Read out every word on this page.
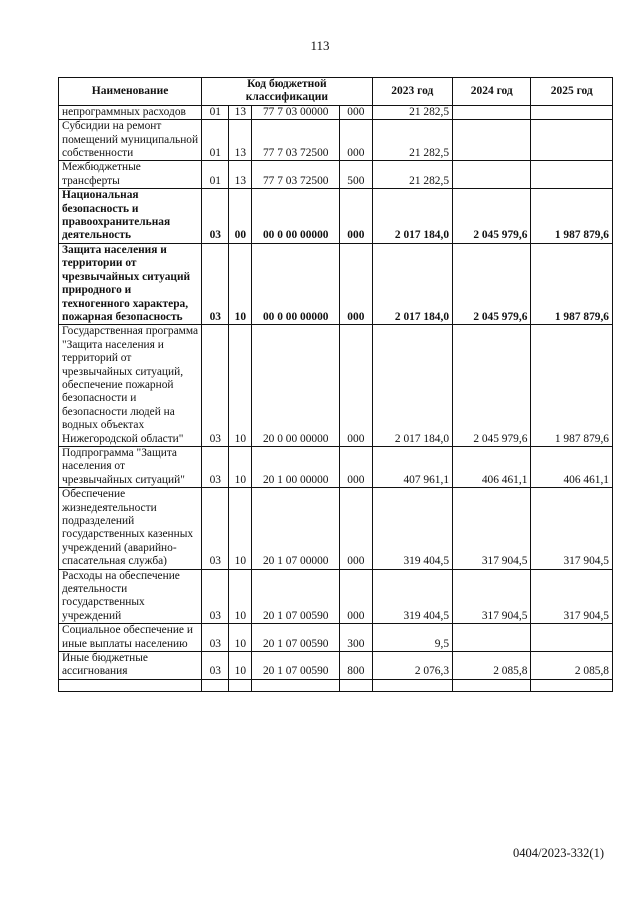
113
Наименование	Код бюджетной классификации				2023 год	2024 год	2025 год
непрограммных расходов	01	13	77 7 03 00000	000	21 282,5		
Субсидии на ремонт помещений муниципальной собственности	01	13	77 7 03 72500	000	21 282,5		
Межбюджетные трансферты	01	13	77 7 03 72500	500	21 282,5		
Национальная безопасность и правоохранительная деятельность	03	00	00 0 00 00000	000	2 017 184,0	2 045 979,6	1 987 879,6
Защита населения и территории от чрезвычайных ситуаций природного и техногенного характера, пожарная безопасность	03	10	00 0 00 00000	000	2 017 184,0	2 045 979,6	1 987 879,6
Государственная программа "Защита населения и территорий от чрезвычайных ситуаций, обеспечение пожарной безопасности и безопасности людей на водных объектах Нижегородской области"	03	10	20 0 00 00000	000	2 017 184,0	2 045 979,6	1 987 879,6
Подпрограмма "Защита населения от чрезвычайных ситуаций"	03	10	20 1 00 00000	000	407 961,1	406 461,1	406 461,1
Обеспечение жизнедеятельности подразделений государственных казенных учреждений (аварийно-спасательная служба)	03	10	20 1 07 00000	000	319 404,5	317 904,5	317 904,5
Расходы на обеспечение деятельности государственных учреждений	03	10	20 1 07 00590	000	319 404,5	317 904,5	317 904,5
Социальное обеспечение и иные выплаты населению	03	10	20 1 07 00590	300	9,5		
Иные бюджетные ассигнования	03	10	20 1 07 00590	800	2 076,3	2 085,8	2 085,8

0404/2023-332(1)
